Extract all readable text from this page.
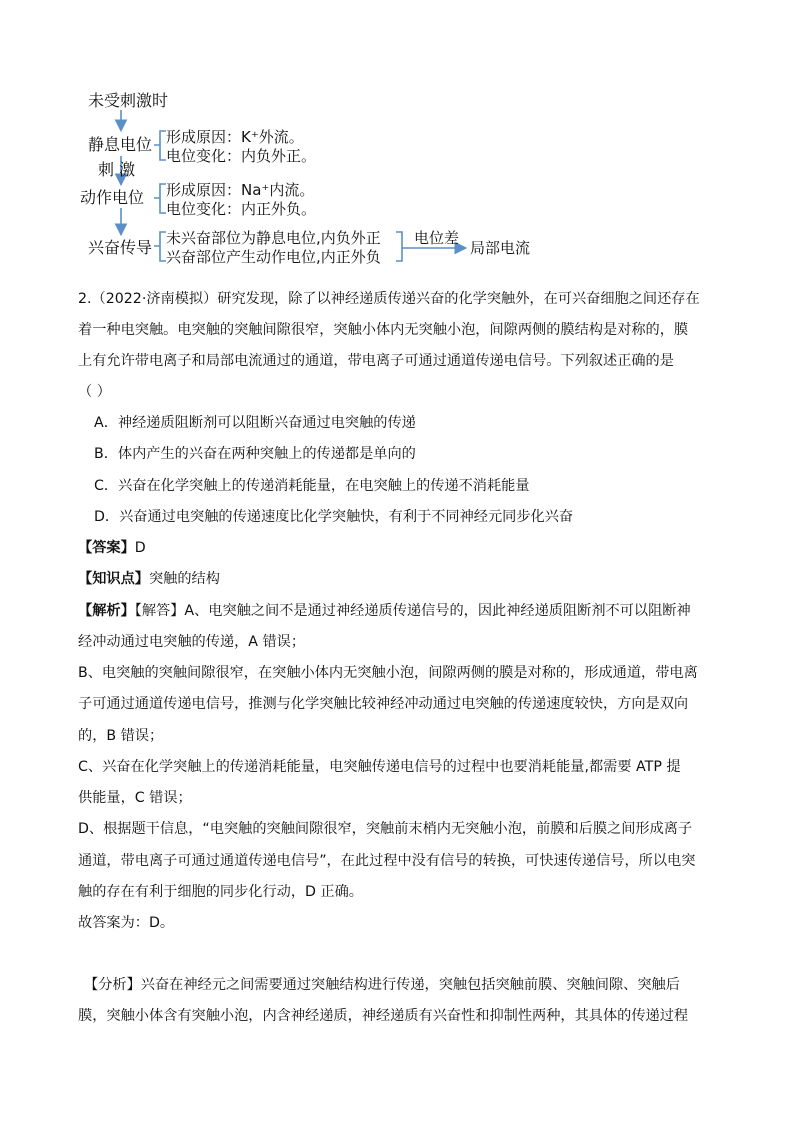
未受刺激时
静息电位 形成原因：K⁺外流。
电位变化：内负外正。
刺 激
动作电位 形成原因：Na⁺内流。
电位变化：内正外负。
兴奋传导 未兴奋部位为静息电位,内负外正
兴奋部位产生动作电位,内正外负
电位差
局部电流
2.（2022·济南模拟）研究发现，除了以神经递质传递兴奋的化学突触外，在可兴奋细胞之间还存在
着一种电突触。电突触的突触间隙很窄，突触小体内无突触小泡，间隙两侧的膜结构是对称的，膜
上有允许带电离子和局部电流通过的通道，带电离子可通过通道传递电信号。下列叙述正确的是
（ ）
A．神经递质阻断剂可以阻断兴奋通过电突触的传递
B．体内产生的兴奋在两种突触上的传递都是单向的
C．兴奋在化学突触上的传递消耗能量，在电突触上的传递不消耗能量
D．兴奋通过电突触的传递速度比化学突触快，有利于不同神经元同步化兴奋
【答案】D
【知识点】突触的结构
【解析】【解答】A、电突触之间不是通过神经递质传递信号的，因此神经递质阻断剂不可以阻断神
经冲动通过电突触的传递，A 错误；
B、电突触的突触间隙很窄，在突触小体内无突触小泡，间隙两侧的膜是对称的，形成通道，带电离
子可通过通道传递电信号，推测与化学突触比较神经冲动通过电突触的传递速度较快，方向是双向
的，B 错误；
C、兴奋在化学突触上的传递消耗能量，电突触传递电信号的过程中也要消耗能量,都需要 ATP 提
供能量，C 错误；
D、根据题干信息，“电突触的突触间隙很窄，突触前末梢内无突触小泡，前膜和后膜之间形成离子
通道，带电离子可通过通道传递电信号”，在此过程中没有信号的转换，可快速传递信号，所以电突
触的存在有利于细胞的同步化行动，D 正确。
故答案为：D。
【分析】兴奋在神经元之间需要通过突触结构进行传递，突触包括突触前膜、突触间隙、突触后
膜，突触小体含有突触小泡，内含神经递质，神经递质有兴奋性和抑制性两种，其具体的传递过程
